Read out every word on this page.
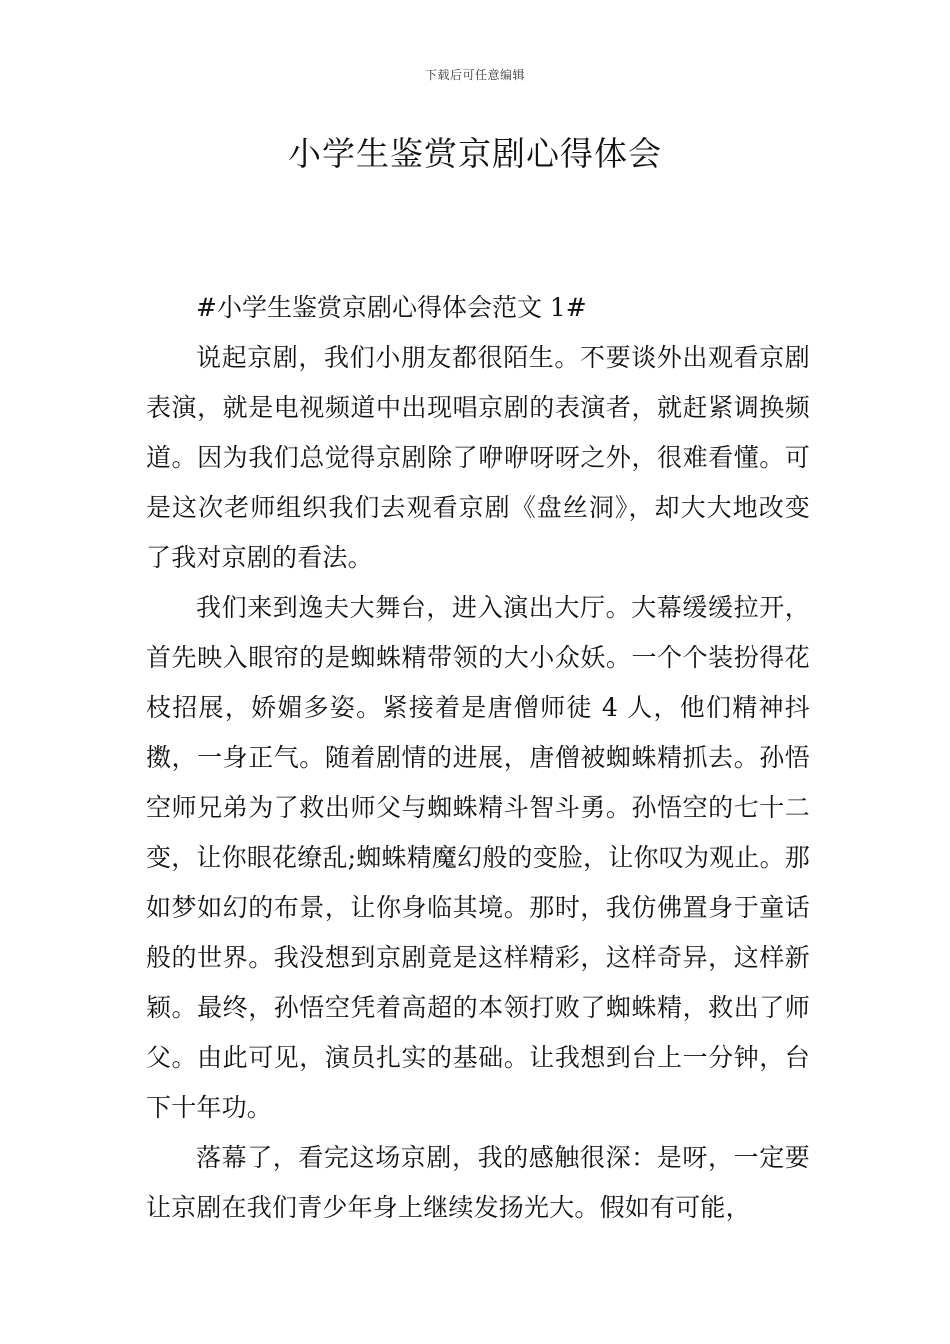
下载后可任意编辑
小学生鉴赏京剧心得体会

#小学生鉴赏京剧心得体会范文 1#

说起京剧，我们小朋友都很陌生。不要谈外出观看京剧表演，就是电视频道中出现唱京剧的表演者，就赶紧调换频道。因为我们总觉得京剧除了咿咿呀呀之外，很难看懂。可是这次老师组织我们去观看京剧《盘丝洞》，却大大地改变了我对京剧的看法。

我们来到逸夫大舞台，进入演出大厅。大幕缓缓拉开，首先映入眼帘的是蜘蛛精带领的大小众妖。一个个装扮得花枝招展，娇媚多姿。紧接着是唐僧师徒 4 人，他们精神抖擞，一身正气。随着剧情的进展，唐僧被蜘蛛精抓去。孙悟空师兄弟为了救出师父与蜘蛛精斗智斗勇。孙悟空的七十二变，让你眼花缭乱;蜘蛛精魔幻般的变脸，让你叹为观止。那如梦如幻的布景，让你身临其境。那时，我仿佛置身于童话般的世界。我没想到京剧竟是这样精彩，这样奇异，这样新颖。最终，孙悟空凭着高超的本领打败了蜘蛛精，救出了师父。由此可见，演员扎实的基础。让我想到台上一分钟，台下十年功。

落幕了，看完这场京剧，我的感触很深：是呀，一定要让京剧在我们青少年身上继续发扬光大。假如有可能，
